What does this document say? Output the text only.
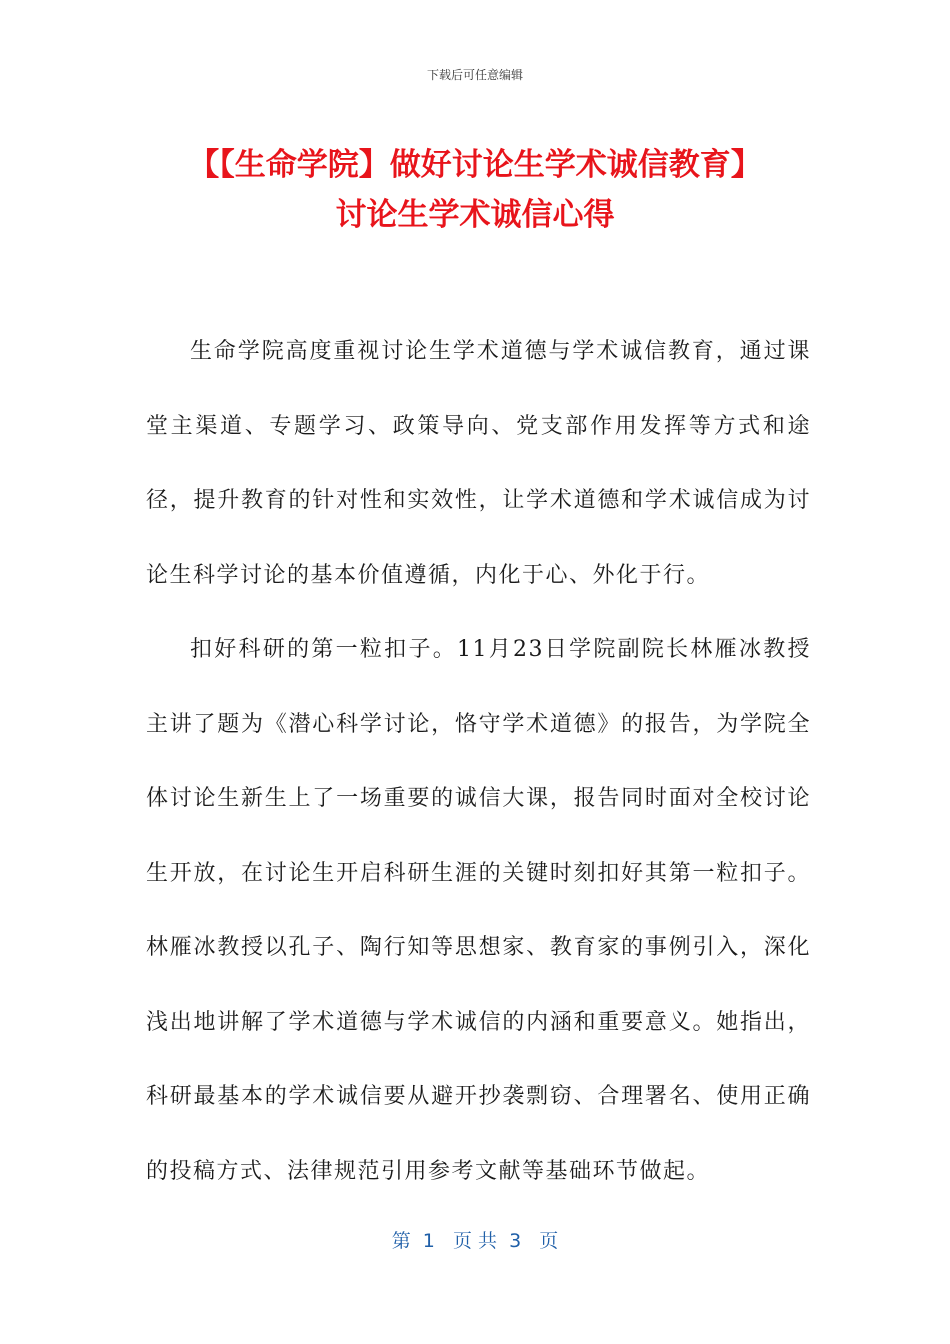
下载后可任意编辑
【【生命学院】做好讨论生学术诚信教育】
讨论生学术诚信心得

生命学院高度重视讨论生学术道德与学术诚信教育，通过课堂主渠道、专题学习、政策导向、党支部作用发挥等方式和途径，提升教育的针对性和实效性，让学术道德和学术诚信成为讨论生科学讨论的基本价值遵循，内化于心、外化于行。

扣好科研的第一粒扣子。11月23日学院副院长林雁冰教授主讲了题为《潜心科学讨论，恪守学术道德》的报告，为学院全体讨论生新生上了一场重要的诚信大课，报告同时面对全校讨论生开放，在讨论生开启科研生涯的关键时刻扣好其第一粒扣子。林雁冰教授以孔子、陶行知等思想家、教育家的事例引入，深化浅出地讲解了学术道德与学术诚信的内涵和重要意义。她指出，科研最基本的学术诚信要从避开抄袭剽窃、合理署名、使用正确的投稿方式、法律规范引用参考文献等基础环节做起。

第  1   页 共  3   页
